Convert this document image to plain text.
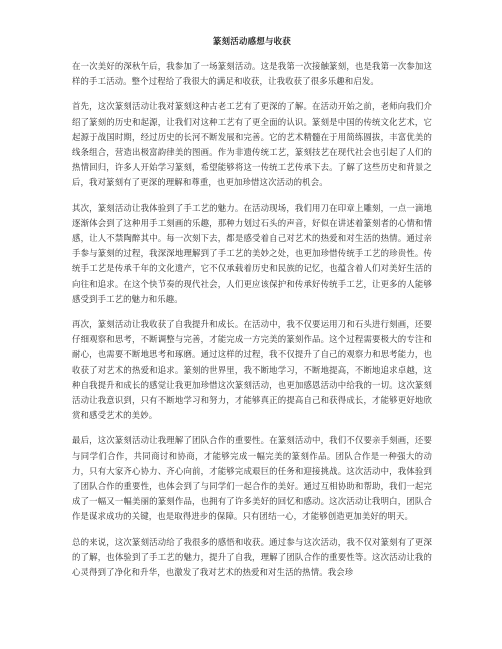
篆刻活动感想与收获

在一次美好的深秋午后，我参加了一场篆刻活动。这是我第一次接触篆刻，也是我第一次参加这样的手工活动。整个过程给了我很大的满足和收获，让我收获了很多乐趣和启发。

首先，这次篆刻活动让我对篆刻这种古老工艺有了更深的了解。在活动开始之前，老师向我们介绍了篆刻的历史和起源，让我们对这种工艺有了更全面的认识。篆刻是中国的传统文化艺术，它起源于战国时期，经过历史的长河不断发展和完善。它的艺术精髓在于用简练圆拔，丰富优美的线条组合，营造出极富韵律美的图画。作为非遗传统工艺，篆刻技艺在现代社会也引起了人们的热情回归，许多人开始学习篆刻，希望能够将这一传统工艺传承下去。了解了这些历史和背景之后，我对篆刻有了更深的理解和尊重，也更加珍惜这次活动的机会。

其次，篆刻活动让我体验到了手工艺的魅力。在活动现场，我们用刀在印章上雕刻，一点一滴地逐渐体会到了这种用手工刻画的乐趣，那种力划过石头的声音，好似在讲述着篆刻者的心情和情感，让人不禁陶醉其中。每一次刻下去，都是感受着自己对艺术的热爱和对生活的热情。通过亲手参与篆刻的过程，我深深地理解到了手工艺的美妙之处，也更加珍惜传统手工艺的珍贵性。传统手工艺是传承千年的文化遗产，它不仅承载着历史和民族的记忆，也蕴含着人们对美好生活的向往和追求。在这个快节奏的现代社会，人们更应该保护和传承好传统手工艺，让更多的人能够感受到手工艺的魅力和乐趣。

再次，篆刻活动让我收获了自我提升和成长。在活动中，我不仅要运用刀和石头进行刻画，还要仔细观察和思考，不断调整与完善，才能完成一方完美的篆刻作品。这个过程需要极大的专注和耐心，也需要不断地思考和琢磨。通过这样的过程，我不仅提升了自己的观察力和思考能力，也收获了对艺术的热爱和追求。篆刻的世界里，我不断地学习，不断地提高，不断地追求卓越，这种自我提升和成长的感觉让我更加珍惜这次篆刻活动，也更加感恩活动中给我的一切。这次篆刻活动让我意识到，只有不断地学习和努力，才能够真正的提高自己和获得成长，才能够更好地欣赏和感受艺术的美妙。

最后，这次篆刻活动让我理解了团队合作的重要性。在篆刻活动中，我们不仅要亲手刻画，还要与同学们合作，共同商讨和协商，才能够完成一幅完美的篆刻作品。团队合作是一种强大的动力，只有大家齐心协力、齐心向前，才能够完成艰巨的任务和迎接挑战。这次活动中，我体验到了团队合作的重要性，也体会到了与同学们一起合作的美好。通过互相协助和帮助，我们一起完成了一幅又一幅美丽的篆刻作品，也拥有了许多美好的回忆和感动。这次活动让我明白，团队合作是谋求成功的关键，也是取得进步的保障。只有团结一心，才能够创造更加美好的明天。

总的来说，这次篆刻活动给了我很多的感悟和收获。通过参与这次活动，我不仅对篆刻有了更深的了解，也体验到了手工艺的魅力，提升了自我，理解了团队合作的重要性等。这次活动让我的心灵得到了净化和升华，也激发了我对艺术的热爱和对生活的热情。我会珍
